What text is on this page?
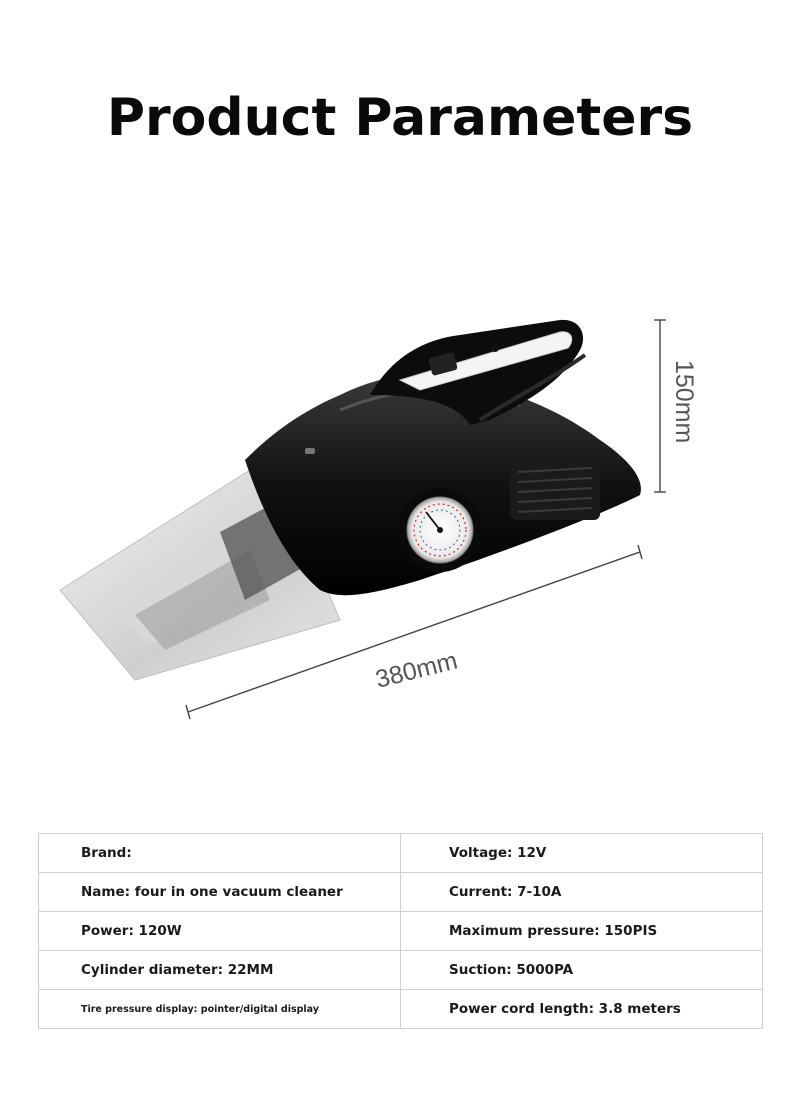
Product Parameters
150mm
380mm
Brand:	Voltage: 12V
Name: four in one vacuum cleaner	Current: 7-10A
Power: 120W	Maximum pressure: 150PIS
Cylinder diameter: 22MM	Suction: 5000PA
Tire pressure display: pointer/digital display	Power cord length: 3.8 meters
